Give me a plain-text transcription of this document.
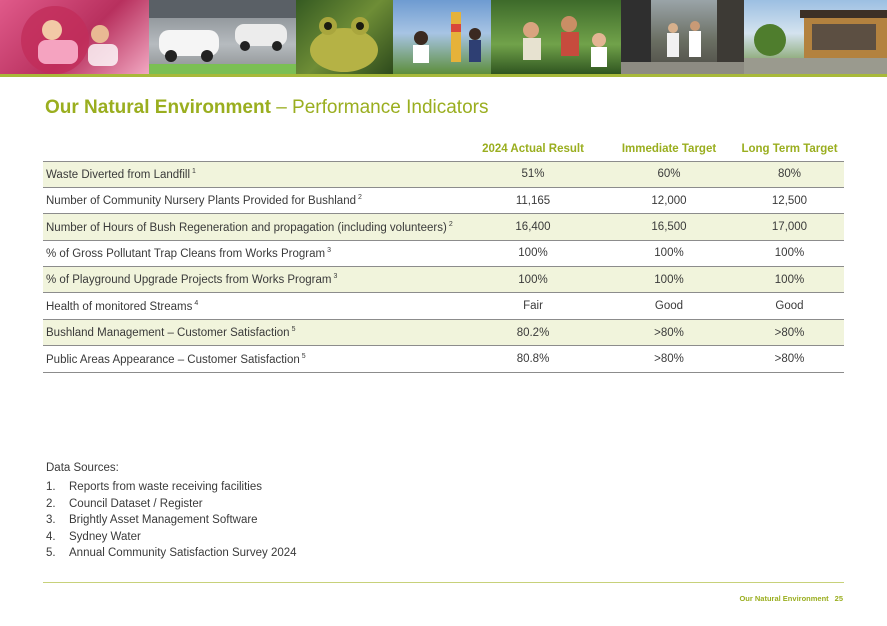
Our Natural Environment – Performance Indicators
	2024 Actual Result	Immediate Target	Long Term Target
Waste Diverted from Landfill $^1$	51%	60%	80%
Number of Community Nursery Plants Provided for Bushland $^2$	11,165	12,000	12,500
Number of Hours of Bush Regeneration and propagation (including volunteers) $^2$	16,400	16,500	17,000
% of Gross Pollutant Trap Cleans from Works Program $^3$	100%	100%	100%
% of Playground Upgrade Projects from Works Program $^3$	100%	100%	100%
Health of monitored Streams $^4$	Fair	Good	Good
Bushland Management – Customer Satisfaction $^5$	80.2%	>80%	>80%
Public Areas Appearance – Customer Satisfaction $^5$	80.8%	>80%	>80%
Data Sources:
1.	Reports from waste receiving facilities
2.	Council Dataset / Register
3.	Brightly Asset Management Software
4.	Sydney Water
5.	Annual Community Satisfaction Survey 2024
Our Natural Environment 25
